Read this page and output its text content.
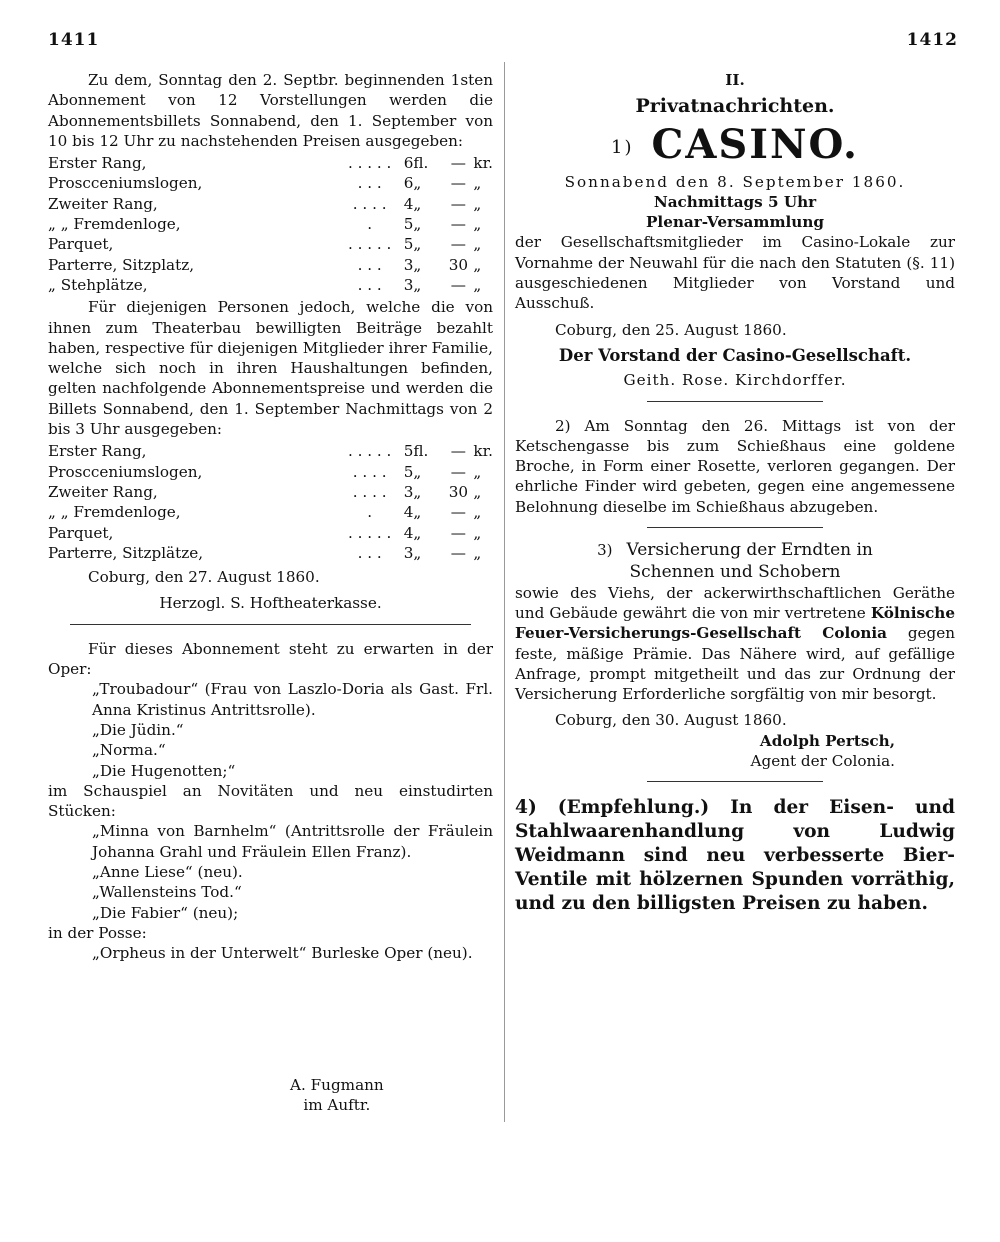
1411	1412

Zu dem, Sonntag den 2. Septbr. beginnenden 1sten Abonnement von 12 Vorstellungen werden die Abonnementsbillets Sonnabend, den 1. September von 10 bis 12 Uhr zu nachstehenden Preisen ausgegeben:

Erster Rang,	. . . . .	6	fl.	—	kr.
Proscceniumslogen,	. . .	6	„	—	„
Zweiter Rang,	. . . .	4	„	—	„
„ „ Fremdenloge,	.	5	„	—	„
Parquet,	. . . . .	5	„	—	„
Parterre, Sitzplatz,	. . .	3	„	30	„
„ Stehplätze,	. . .	3	„	—	„

Für diejenigen Personen jedoch, welche die von ihnen zum Theaterbau bewilligten Beiträge bezahlt haben, respective für diejenigen Mitglieder ihrer Familie, welche sich noch in ihren Haushaltungen befinden, gelten nachfolgende Abonnementspreise und werden die Billets Sonnabend, den 1. September Nachmittags von 2 bis 3 Uhr ausgegeben:

Erster Rang,	. . . . .	5	fl.	—	kr.
Proscceniumslogen,	. . . .	5	„	—	„
Zweiter Rang,	. . . .	3	„	30	„
„ „ Fremdenloge,	.	4	„	—	„
Parquet,	. . . . .	4	„	—	„
Parterre, Sitzplätze,	. . .	3	„	—	„

Coburg, den 27. August 1860.

Herzogl. S. Hoftheaterkasse.

Für dieses Abonnement steht zu erwarten in der Oper:

„Troubadour“ (Frau von Laszlo-Doria als Gast. Frl. Anna Kristinus Antrittsrolle).

„Die Jüdin.“

„Norma.“

„Die Hugenotten;“

im Schauspiel an Novitäten und neu einstudirten Stücken:

„Minna von Barnhelm“ (Antrittsrolle der Fräulein Johanna Grahl und Fräulein Ellen Franz).

„Anne Liese“ (neu).

„Wallensteins Tod.“

„Die Fabier“ (neu);

in der Posse:

„Orpheus in der Unterwelt“ Burleske Oper (neu).

A. Fugmann
im Auftr.
II.
Privatnachrichten.
1) CASINO.
Sonnabend den 8. September 1860.
Nachmittags 5 Uhr
Plenar-Versammlung

der Gesellschaftsmitglieder im Casino-Lokale zur Vornahme der Neuwahl für die nach den Statuten (§. 11) ausgeschiedenen Mitglieder von Vorstand und Ausschuß.

Coburg, den 25. August 1860.

Der Vorstand der Casino-Gesellschaft.
Geith. Rose. Kirchdorffer.

2) Am Sonntag den 26. Mittags ist von der Ketschengasse bis zum Schießhaus eine goldene Broche, in Form einer Rosette, verloren gegangen. Der ehrliche Finder wird gebeten, gegen eine angemessene Belohnung dieselbe im Schießhaus abzugeben.

3) Versicherung der Erndten in
Schennen und Schobern

sowie des Viehs, der ackerwirthschaftlichen Geräthe und Gebäude gewährt die von mir vertretene Kölnische Feuer-Versicherungs-Gesellschaft Colonia gegen feste, mäßige Prämie. Das Nähere wird, auf gefällige Anfrage, prompt mitgetheilt und das zur Ordnung der Versicherung Erforderliche sorgfältig von mir besorgt.

Coburg, den 30. August 1860.

Adolph Pertsch,
Agent der Colonia.

4) (Empfehlung.) In der Eisen- und Stahlwaarenhandlung von Ludwig Weidmann sind neu verbesserte Bier-Ventile mit hölzernen Spunden vorräthig, und zu den billigsten Preisen zu haben.
